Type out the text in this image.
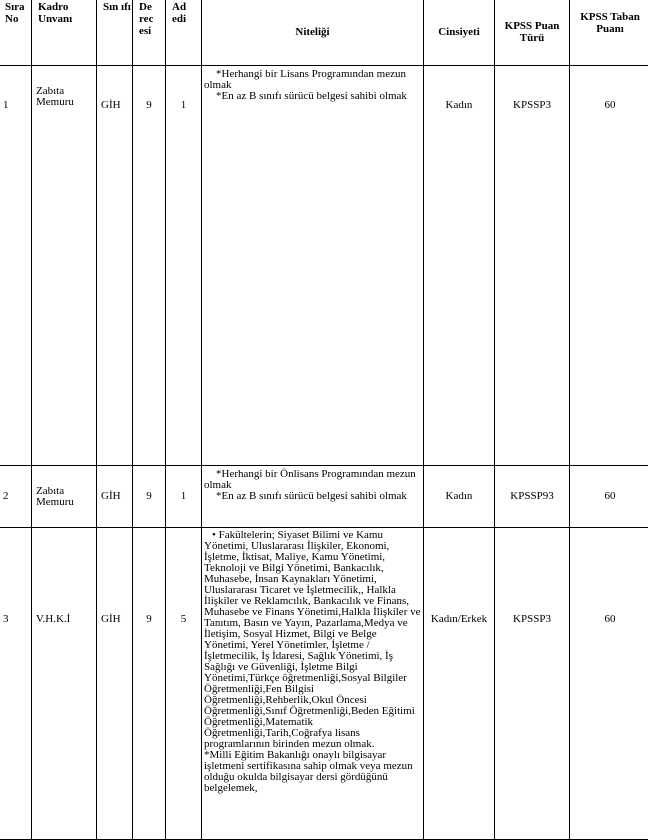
Sıra No	Kadro Unvanı	Sın ıfı	De rec esi	Ad edi	Niteliği	Cinsiyeti	KPSS Puan Türü	KPSS Taban Puanı
1	Zabıta Memuru	GİH	9	1	*Herhangi bir Lisans Programından mezun olmak

*En az B sınıfı sürücü belgesi sahibi olmak	Kadın	KPSSP3	60
2	Zabıta Memuru	GİH	9	1	*Herhangi bir Önlisans Programından mezun olmak

*En az B sınıfı sürücü belgesi sahibi olmak	Kadın	KPSSP93	60
3	V.H.K.İ	GİH	9	5	• Fakültelerin; Siyaset Bilimi ve Kamu Yönetimi, Uluslararası İlişkiler, Ekonomi, İşletme, İktisat, Maliye, Kamu Yönetimi, Teknoloji ve Bilgi Yönetimi, Bankacılık, Muhasebe, İnsan Kaynakları Yönetimi, Uluslararası Ticaret ve İşletmecilik,, Halkla İlişkiler ve Reklamcılık, Bankacılık ve Finans, Muhasebe ve Finans Yönetimi,Halkla İlişkiler ve Tanıtım, Basın ve Yayın, Pazarlama,Medya ve İletişim, Sosyal Hizmet, Bilgi ve Belge Yönetimi, Yerel Yönetimler, İşletme / İşletmecilik, İş İdaresi, Sağlık Yönetimi, İş Sağlığı ve Güvenliği, İşletme Bilgi Yönetimi,Türkçe öğretmenliği,Sosyal Bilgiler Öğretmenliği,Fen Bilgisi Öğretmenliği,Rehberlik,Okul Öncesi Öğretmenliği,Sınıf Öğretmenliği,Beden Eğitimi Öğretmenliği,Matematik Öğretmenliği,Tarih,Coğrafya lisans programlarının birinden mezun olmak.

*Milli Eğitim Bakanlığı onaylı bilgisayar işletmeni sertifikasına sahip olmak veya mezun olduğu okulda bilgisayar dersi gördüğünü belgelemek,	Kadın/Erkek	KPSSP3	60
